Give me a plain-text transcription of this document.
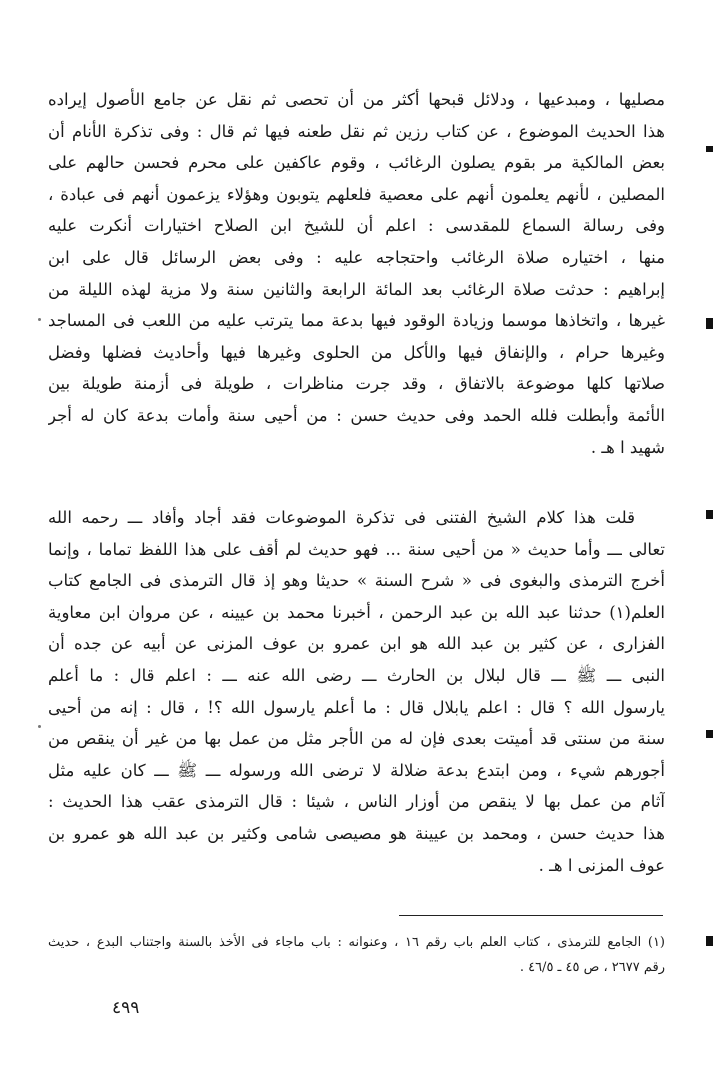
مصليها ، ومبدعيها ، ودلائل قبحها أكثر من أن تحصى ثم نقل عن جامع الأصول إيراده
هذا الحديث الموضوع ، عن كتاب رزين ثم نقل طعنه فيها ثم قال : وفى تذكرة الأنام أن
بعض المالكية مر بقوم يصلون الرغائب ، وقوم عاكفين على محرم فحسن حالهم على
المصلين ، لأنهم يعلمون أنهم على معصية فلعلهم يتوبون وهؤلاء يزعمون أنهم فى عبادة ،
وفى رسالة السماع للمقدسى : اعلم أن للشيخ ابن الصلاح اختيارات أنكرت عليه
منها ، اختياره صلاة الرغائب واحتجاجه عليه : وفى بعض الرسائل قال على ابن
إبراهيم : حدثت صلاة الرغائب بعد المائة الرابعة والثانين سنة ولا مزية لهذه الليلة من
غيرها ، واتخاذها موسما وزيادة الوقود فيها بدعة مما يترتب عليه من اللعب فى المساجد
وغيرها حرام ، والإنفاق فيها والأكل من الحلوى وغيرها فيها وأحاديث فضلها وفضل
صلاتها كلها موضوعة بالاتفاق ، وقد جرت مناظرات ، طويلة فى أزمنة طويلة بين
الأئمة وأبطلت فلله الحمد وفى حديث حسن : من أحيى سنة وأمات بدعة كان له أجر
شهيد ا هـ .
قلت هذا كلام الشيخ الفتنى فى تذكرة الموضوعات فقد أجاد وأفاد ـــ رحمه الله
تعالى ـــ وأما حديث « من أحيى سنة ... فهو حديث لم أقف على هذا اللفظ تماما ، وإنما
أخرج الترمذى والبغوى فى « شرح السنة » حديثا وهو إذ قال الترمذى فى الجامع كتاب
العلم(١) حدثنا عبد الله بن عبد الرحمن ، أخبرنا محمد بن عيينه ، عن مروان ابن معاوية
الفزارى ، عن كثير بن عبد الله هو ابن عمرو بن عوف المزنى عن أبيه عن جده أن
النبى ـــ ﷺ ـــ قال لبلال بن الحارث ـــ رضى الله عنه ـــ : اعلم قال : ما أعلم
يارسول الله ؟ قال : اعلم يابلال قال : ما أعلم يارسول الله ؟! ، قال : إنه من أحيى
سنة من سنتى قد أميتت بعدى فإن له من الأجر مثل من عمل بها من غير أن ينقص من
أجورهم شيء ، ومن ابتدع بدعة ضلالة لا ترضى الله ورسوله ـــ ﷺ ـــ كان عليه مثل
آثام من عمل بها لا ينقص من أوزار الناس ، شيئا : قال الترمذى عقب هذا الحديث :
هذا حديث حسن ، ومحمد بن عيينة هو مصيصى شامى وكثير بن عبد الله هو عمرو بن
عوف المزنى ا هـ .
(١) الجامع للترمذى ، كتاب العلم باب رقم ١٦ ، وعنوانه : باب ماجاء فى الأخذ بالسنة واجتناب البدع ، حديث
رقم ٢٦٧٧ ، ص ٤٥ ـ ٤٦/٥ .
٤٩٩
